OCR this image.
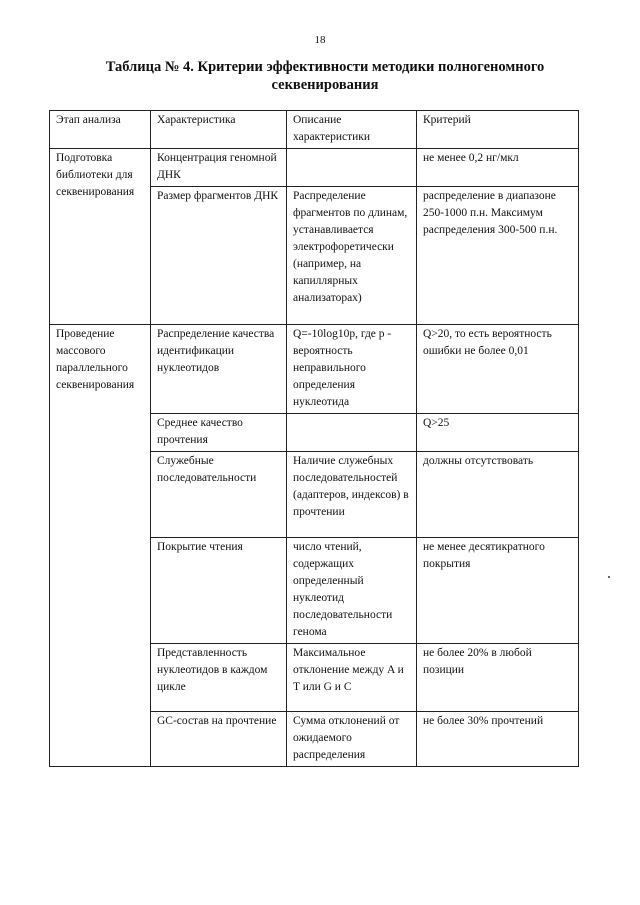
18
Таблица № 4. Критерии эффективности методики полногеномного секвенирования
Этап анализа	Характеристика	Описание характеристики	Критерий
Подготовка библиотеки для секвенирования	Концентрация геномной ДНК		не менее 0,2 нг/мкл
	Размер фрагментов ДНК	Распределение фрагментов по длинам, устанавливается электрофоретически (например, на капиллярных анализаторах)	распределение в диапазоне 250-1000 п.н. Максимум распределения 300-500 п.н.
Проведение массового параллельного секвенирования	Распределение качества идентификации нуклеотидов	Q=-10log10p, где p - вероятность неправильного определения нуклеотида	Q>20, то есть вероятность ошибки не более 0,01
	Среднее качество прочтения		Q>25
	Служебные последовательности	Наличие служебных последовательностей (адаптеров, индексов) в прочтении	должны отсутствовать
	Покрытие чтения	число чтений, содержащих определенный нуклеотид последовательности генома	не менее десятикратного покрытия
	Представленность нуклеотидов в каждом цикле	Максимальное отклонение между A и T или G и C	не более 20% в любой позиции
	GC-состав на прочтение	Сумма отклонений от ожидаемого распределения	не более 30% прочтений
